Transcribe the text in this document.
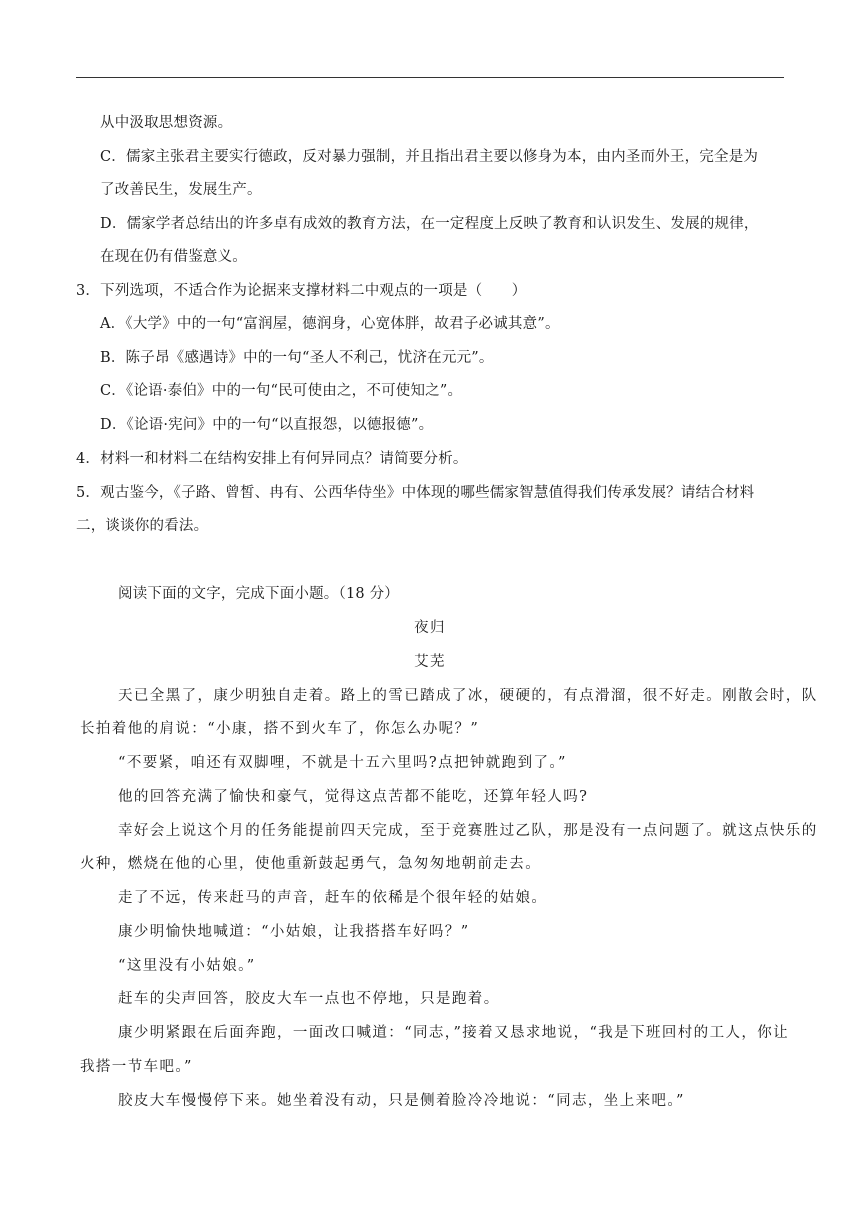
从中汲取思想资源。
C．儒家主张君主要实行德政，反对暴力强制，并且指出君主要以修身为本，由内圣而外王，完全是为
了改善民生，发展生产。
D．儒家学者总结出的许多卓有成效的教育方法，在一定程度上反映了教育和认识发生、发展的规律，
在现在仍有借鉴意义。
3．下列选项，不适合作为论据来支撑材料二中观点的一项是（　　）
A．《大学》中的一句“富润屋，德润身，心宽体胖，故君子必诚其意”。
B．陈子昂《感遇诗》中的一句“圣人不利己，忧济在元元”。
C．《论语·泰伯》中的一句“民可使由之，不可使知之”。
D．《论语·宪问》中的一句“以直报怨，以德报德”。
4．材料一和材料二在结构安排上有何异同点？请简要分析。
5．观古鉴今，《子路、曾皙、冉有、公西华侍坐》中体现的哪些儒家智慧值得我们传承发展？请结合材料
二，谈谈你的看法。
阅读下面的文字，完成下面小题。（18 分）
夜归
艾芜
天已全黑了，康少明独自走着。路上的雪已踏成了冰，硬硬的，有点滑溜，很不好走。刚散会时，队
长拍着他的肩说：“小康，搭不到火车了，你怎么办呢？”
“不要紧，咱还有双脚哩，不就是十五六里吗?点把钟就跑到了。”
他的回答充满了愉快和豪气，觉得这点苦都不能吃，还算年轻人吗?
幸好会上说这个月的任务能提前四天完成，至于竞赛胜过乙队，那是没有一点问题了。就这点快乐的
火种，燃烧在他的心里，使他重新鼓起勇气，急匆匆地朝前走去。
走了不远，传来赶马的声音，赶车的依稀是个很年轻的姑娘。
康少明愉快地喊道：“小姑娘，让我搭搭车好吗？”
“这里没有小姑娘。”
赶车的尖声回答，胶皮大车一点也不停地，只是跑着。
康少明紧跟在后面奔跑，一面改口喊道：“同志，”接着又恳求地说，“我是下班回村的工人，你让
我搭一节车吧。”
胶皮大车慢慢停下来。她坐着没有动，只是侧着脸冷冷地说：“同志，坐上来吧。”
